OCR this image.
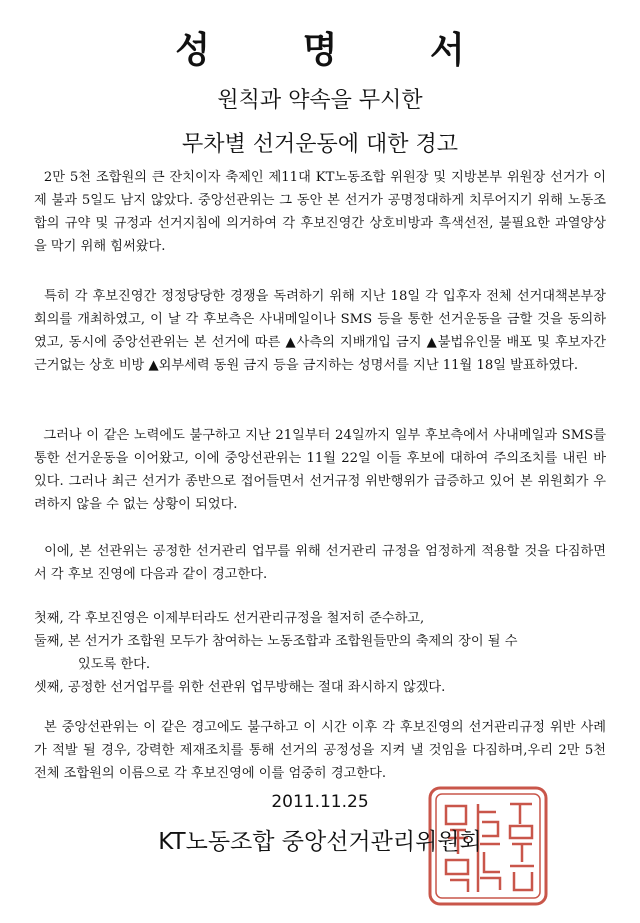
성 명 서
원칙과 약속을 무시한
무차별 선거운동에 대한 경고
2만 5천 조합원의 큰 잔치이자 축제인 제11대 KT노동조합 위원장 및 지방본부 위원장 선거가 이제 불과 5일도 남지 않았다. 중앙선관위는 그 동안 본 선거가 공명정대하게 치루어지기 위해 노동조합의 규약 및 규정과 선거지침에 의거하여 각 후보진영간 상호비방과 흑색선전, 불필요한 과열양상을 막기 위해 힘써왔다.
특히 각 후보진영간 정정당당한 경쟁을 독려하기 위해 지난 18일 각 입후자 전체 선거대책본부장 회의를 개최하였고, 이 날 각 후보측은 사내메일이나 SMS 등을 통한 선거운동을 금할 것을 동의하였고, 동시에 중앙선관위는 본 선거에 따른 ▲사측의 지배개입 금지 ▲불법유인물 배포 및 후보자간 근거없는 상호 비방 ▲외부세력 동원 금지 등을 금지하는 성명서를 지난 11월 18일 발표하였다.
그러나 이 같은 노력에도 불구하고 지난 21일부터 24일까지 일부 후보측에서 사내메일과 SMS를 통한 선거운동을 이어왔고, 이에 중앙선관위는 11월 22일 이들 후보에 대하여 주의조치를 내린 바 있다. 그러나 최근 선거가 종반으로 접어들면서 선거규정 위반행위가 급증하고 있어 본 위원회가 우려하지 않을 수 없는 상황이 되었다.
이에, 본 선관위는 공정한 선거관리 업무를 위해 선거관리 규정을 엄정하게 적용할 것을 다짐하면서 각 후보 진영에 다음과 같이 경고한다.
첫째, 각 후보진영은 이제부터라도 선거관리규정을 철저히 준수하고,
둘째, 본 선거가 조합원 모두가 참여하는 노동조합과 조합원들만의 축제의 장이 될 수
있도록 한다.
셋째, 공정한 선거업무를 위한 선관위 업무방해는 절대 좌시하지 않겠다.
본 중앙선관위는 이 같은 경고에도 불구하고 이 시간 이후 각 후보진영의 선거관리규정 위반 사례가 적발 될 경우, 강력한 제재조치를 통해 선거의 공정성을 지켜 낼 것임을 다짐하며,우리 2만 5천 전체 조합원의 이름으로 각 후보진영에 이를 엄중히 경고한다.
2011.11.25
KT노동조합 중앙선거관리위원회
